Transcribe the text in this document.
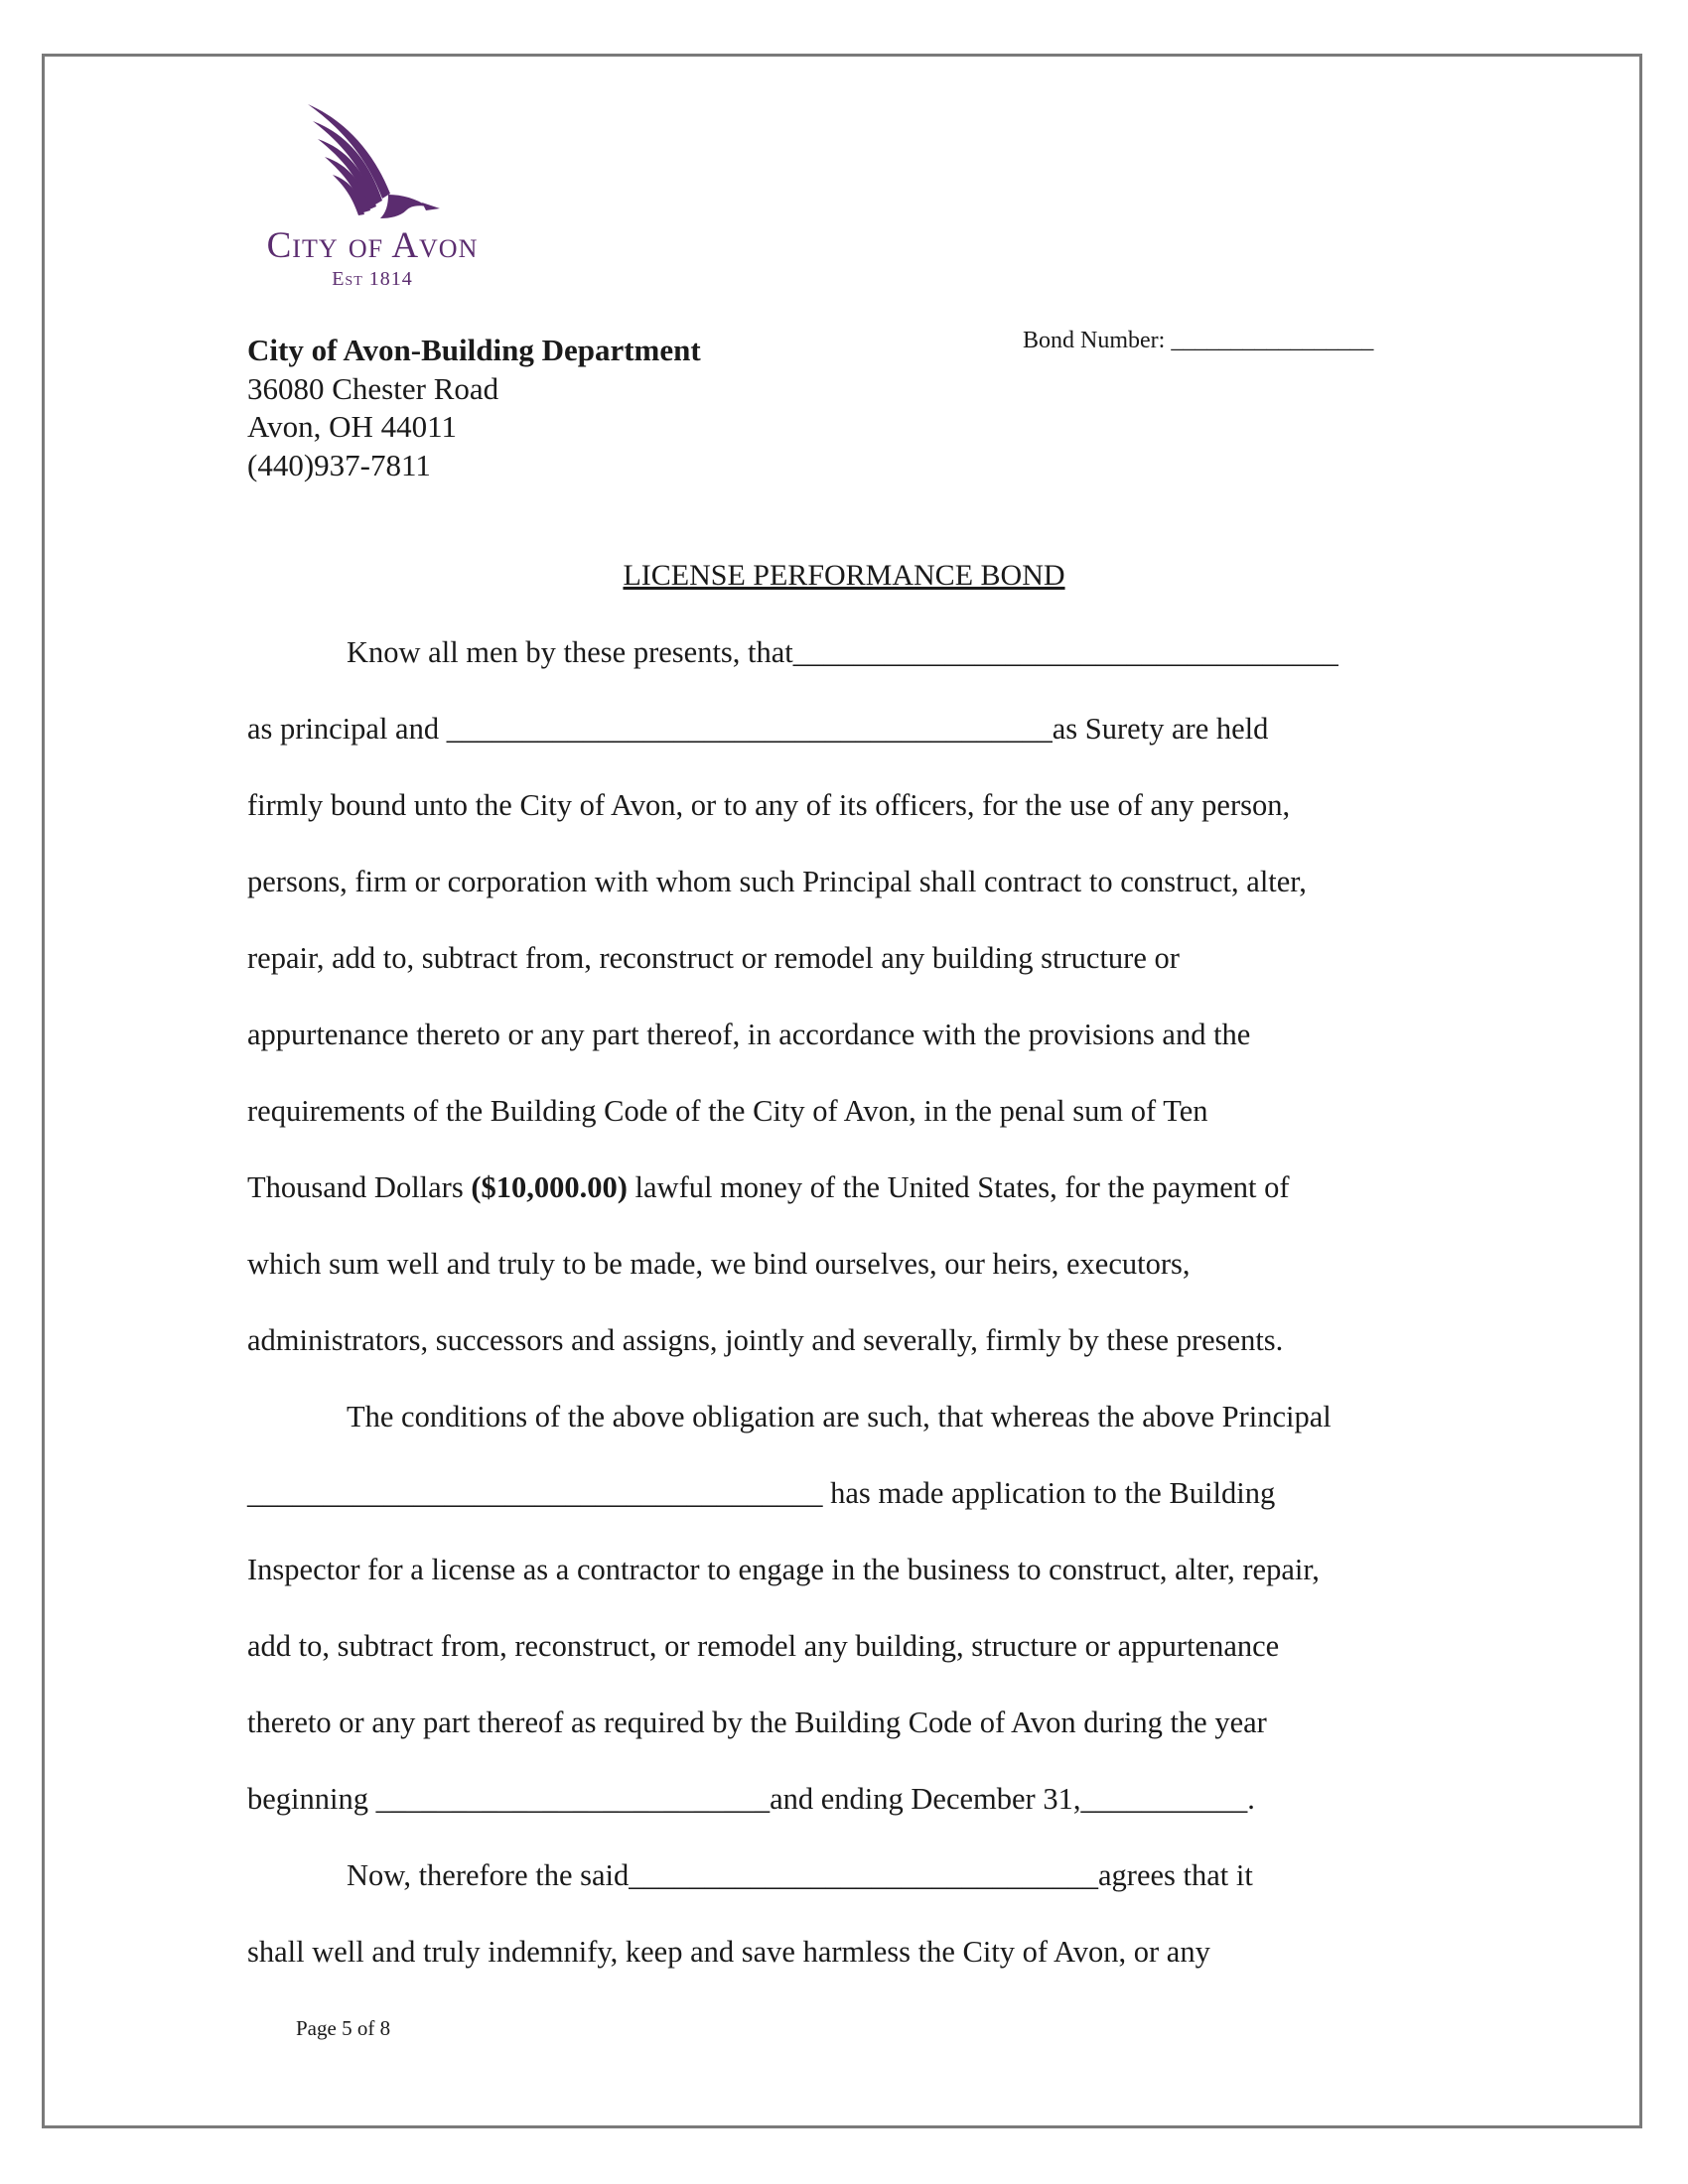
City of Avon
Est 1814
City of Avon-Building Department
36080 Chester Road
Avon, OH 44011
(440)937-7811
Bond Number: _________________
LICENSE PERFORMANCE BOND
Know all men by these presents, that____________________________________
as principal and ________________________________________as Surety are held
firmly bound unto the City of Avon, or to any of its officers, for the use of any person,
persons, firm or corporation with whom such Principal shall contract to construct, alter,
repair, add to, subtract from, reconstruct or remodel any building structure or
appurtenance thereto or any part thereof, in accordance with the provisions and the
requirements of the Building Code of the City of Avon, in the penal sum of Ten
Thousand Dollars ($10,000.00) lawful money of the United States, for the payment of
which sum well and truly to be made, we bind ourselves, our heirs, executors,
administrators, successors and assigns, jointly and severally, firmly by these presents.
The conditions of the above obligation are such, that whereas the above Principal
______________________________________ has made application to the Building
Inspector for a license as a contractor to engage in the business to construct, alter, repair,
add to, subtract from, reconstruct, or remodel any building, structure or appurtenance
thereto or any part thereof as required by the Building Code of Avon during the year
beginning __________________________and ending December 31,___________.
Now, therefore the said_______________________________agrees that it
shall well and truly indemnify, keep and save harmless the City of Avon, or any
Page 5 of 8
